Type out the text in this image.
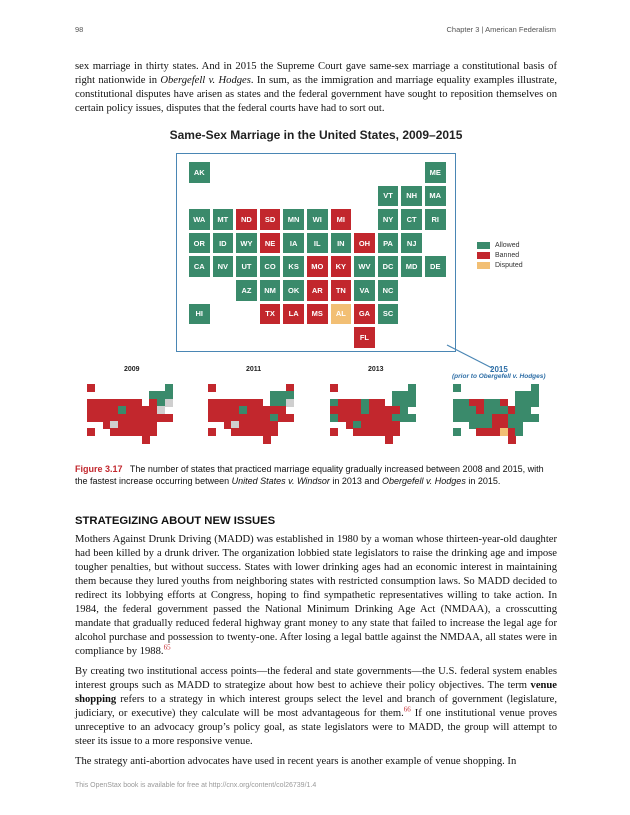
98	Chapter 3 | American Federalism
sex marriage in thirty states. And in 2015 the Supreme Court gave same-sex marriage a constitutional basis of right nationwide in Obergefell v. Hodges. In sum, as the immigration and marriage equality examples illustrate, constitutional disputes have arisen as states and the federal government have sought to reposition themselves on certain policy issues, disputes that the federal courts have had to sort out.
Same-Sex Marriage in the United States, 2009–2015
AK	ME
VT	NH	MA
WA	MT	ND	SD	MN	WI	MI	NY	CT	RI
OR	ID	WY	NE	IA	IL	IN	OH	PA	NJ
CA	NV	UT	CO	KS	MO	KY	WV	DC	MD	DE
AZ	NM	OK	AR	TN	VA	NC
HI	TX	LA	MS	AL	GA	SC
FL
Allowed
Banned
Disputed
2009	2011	2013	2015
(prior to Obergefell v. Hodges)
Figure 3.17 The number of states that practiced marriage equality gradually increased between 2008 and 2015, with the fastest increase occurring between United States v. Windsor in 2013 and Obergefell v. Hodges in 2015.
STRATEGIZING ABOUT NEW ISSUES

Mothers Against Drunk Driving (MADD) was established in 1980 by a woman whose thirteen-year-old daughter had been killed by a drunk driver. The organization lobbied state legislators to raise the drinking age and impose tougher penalties, but without success. States with lower drinking ages had an economic interest in maintaining them because they lured youths from neighboring states with restricted consumption laws. So MADD decided to redirect its lobbying efforts at Congress, hoping to find sympathetic representatives willing to take action. In 1984, the federal government passed the National Minimum Drinking Age Act (NMDAA), a crosscutting mandate that gradually reduced federal highway grant money to any state that failed to increase the legal age for alcohol purchase and possession to twenty-one. After losing a legal battle against the NMDAA, all states were in compliance by 1988.65

By creating two institutional access points—the federal and state governments—the U.S. federal system enables interest groups such as MADD to strategize about how best to achieve their policy objectives. The term venue shopping refers to a strategy in which interest groups select the level and branch of government (legislature, judiciary, or executive) they calculate will be most advantageous for them.$^{66}$ If one institutional venue proves unreceptive to an advocacy group’s policy goal, as state legislators were to MADD, the group will attempt to steer its issue to a more responsive venue.

The strategy anti-abortion advocates have used in recent years is another example of venue shopping. In

This OpenStax book is available for free at http://cnx.org/content/col26739/1.4
